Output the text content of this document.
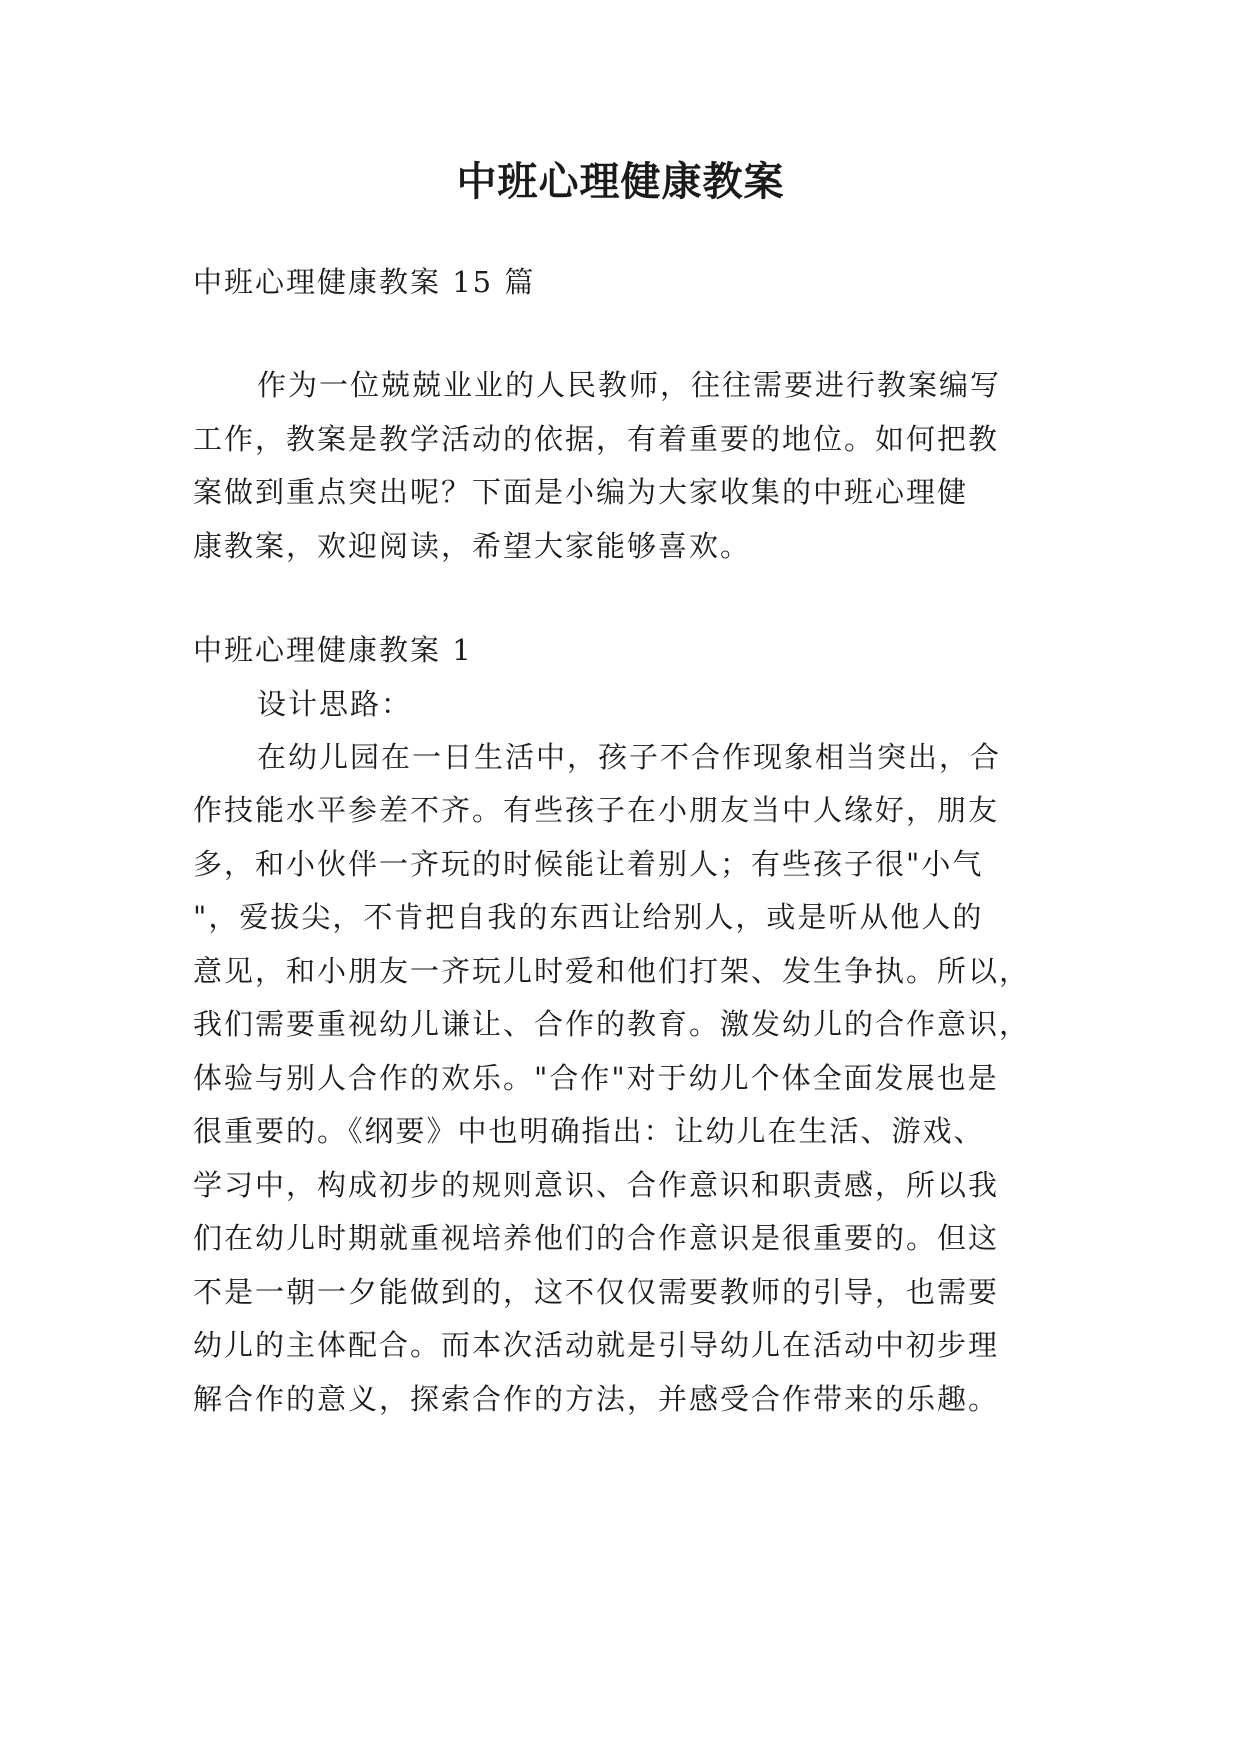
中班心理健康教案

中班心理健康教案 15 篇

作为一位兢兢业业的人民教师，往往需要进行教案编写

工作，教案是教学活动的依据，有着重要的地位。如何把教

案做到重点突出呢？下面是小编为大家收集的中班心理健

康教案，欢迎阅读，希望大家能够喜欢。

中班心理健康教案 1

设计思路：

在幼儿园在一日生活中，孩子不合作现象相当突出，合

作技能水平参差不齐。有些孩子在小朋友当中人缘好，朋友

多，和小伙伴一齐玩的时候能让着别人；有些孩子很"小气

"，爱拔尖，不肯把自我的东西让给别人，或是听从他人的

意见，和小朋友一齐玩儿时爱和他们打架、发生争执。所以，

我们需要重视幼儿谦让、合作的教育。激发幼儿的合作意识，

体验与别人合作的欢乐。"合作"对于幼儿个体全面发展也是

很重要的。《纲要》中也明确指出：让幼儿在生活、游戏、

学习中，构成初步的规则意识、合作意识和职责感，所以我

们在幼儿时期就重视培养他们的合作意识是很重要的。但这

不是一朝一夕能做到的，这不仅仅需要教师的引导，也需要

幼儿的主体配合。而本次活动就是引导幼儿在活动中初步理

解合作的意义，探索合作的方法，并感受合作带来的乐趣。
